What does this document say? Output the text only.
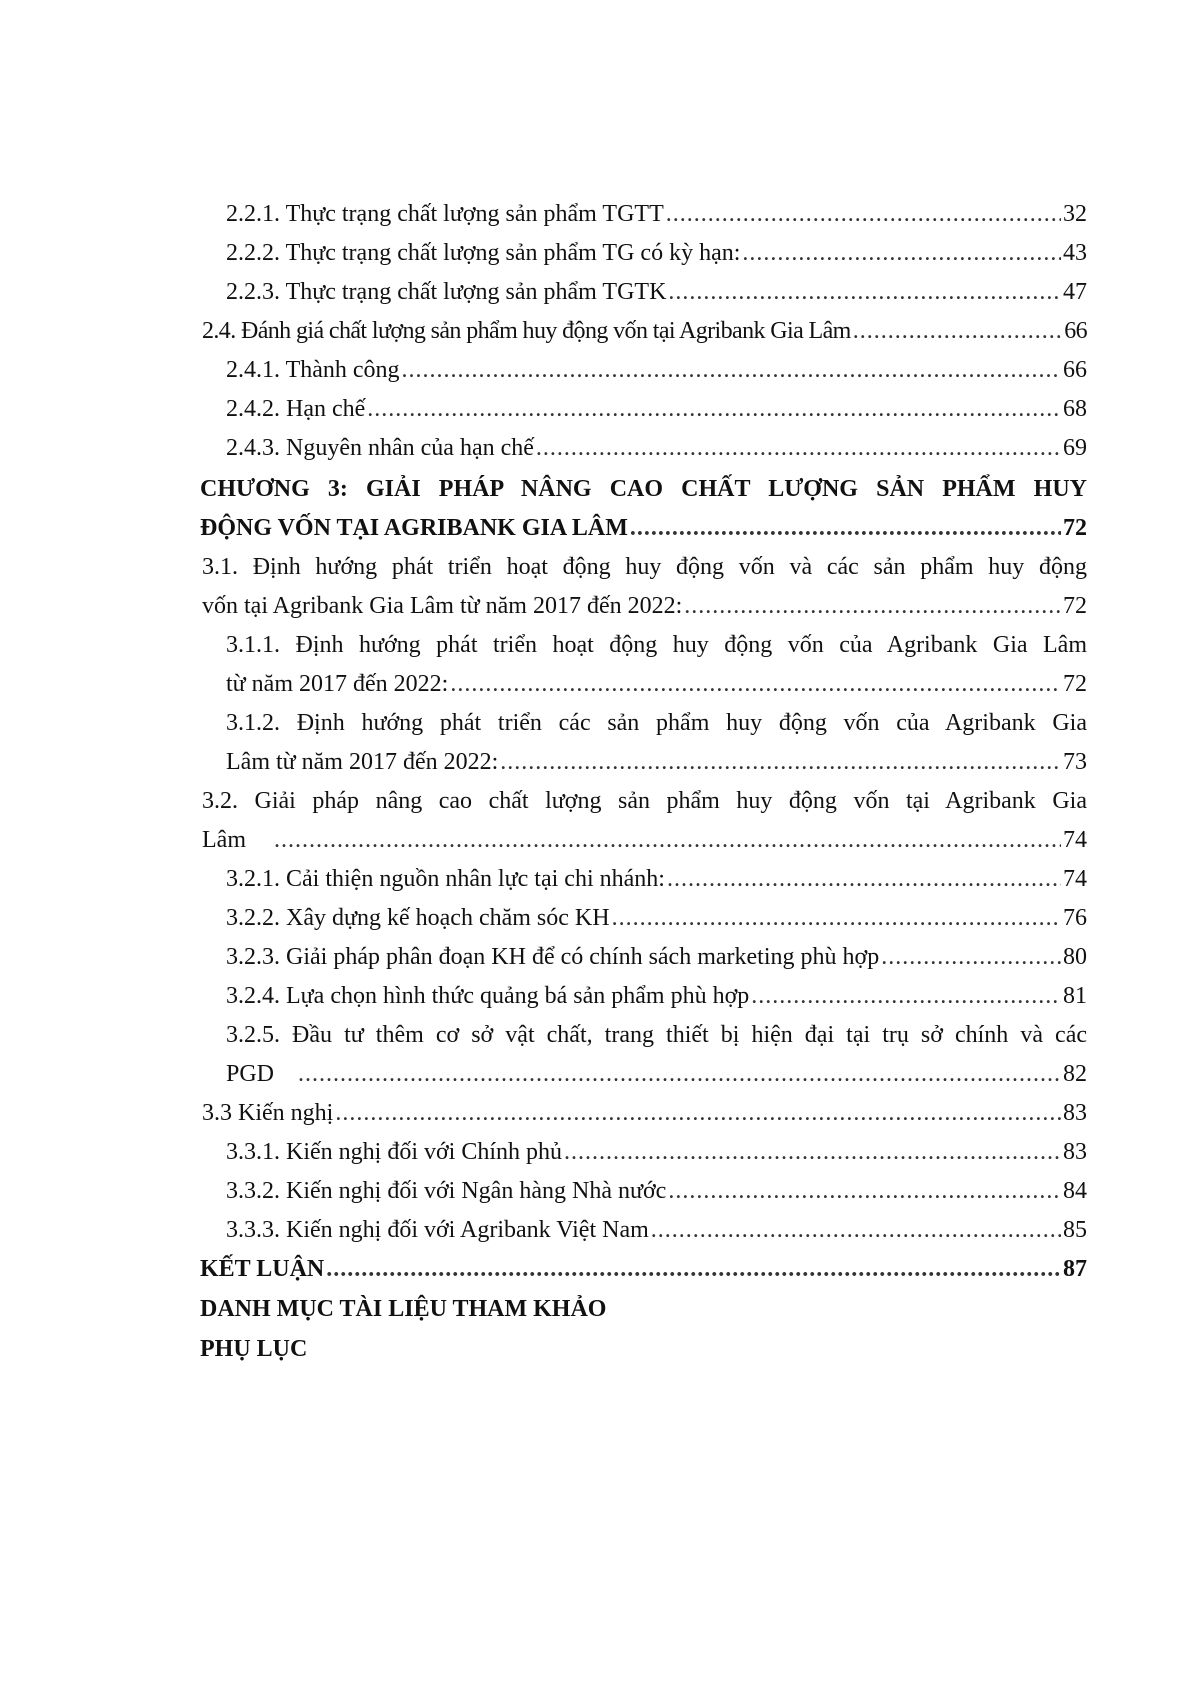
2.2.1. Thực trạng chất lượng sản phẩm TGTT .....	32
2.2.2. Thực trạng chất lượng sản phẩm TG có kỳ hạn: .....	43
2.2.3. Thực trạng chất lượng sản phẩm TGTK .....	47
2.4. Đánh giá chất lượng sản phẩm huy động vốn tại Agribank Gia Lâm .....	66
2.4.1. Thành công .....	66
2.4.2. Hạn chế .....	68
2.4.3. Nguyên nhân của hạn chế .....	69
CHƯƠNG 3: GIẢI PHÁP NÂNG CAO CHẤT LƯỢNG SẢN PHẨM HUY
ĐỘNG VỐN TẠI AGRIBANK GIA LÂM .....	72
3.1. Định hướng phát triển hoạt động huy động vốn và các sản phẩm huy động
vốn tại Agribank Gia Lâm từ năm 2017 đến 2022: .....	72
3.1.1. Định hướng phát triển hoạt động huy động vốn của Agribank Gia Lâm
từ năm 2017 đến 2022: .....	72
3.1.2. Định hướng phát triển các sản phẩm huy động vốn của Agribank Gia
Lâm từ năm 2017 đến 2022: .....	73
3.2. Giải pháp nâng cao chất lượng sản phẩm huy động vốn tại Agribank Gia
Lâm .....	74
3.2.1. Cải thiện nguồn nhân lực tại chi nhánh: .....	74
3.2.2. Xây dựng kế hoạch chăm sóc KH .....	76
3.2.3. Giải pháp phân đoạn KH để có chính sách marketing phù hợp .....	80
3.2.4. Lựa chọn hình thức quảng bá sản phẩm phù hợp .....	81
3.2.5. Đầu tư thêm cơ sở vật chất, trang thiết bị hiện đại tại trụ sở chính và các
PGD .....	82
3.3 Kiến nghị .....	83
3.3.1. Kiến nghị đối với Chính phủ .....	83
3.3.2. Kiến nghị đối với Ngân hàng Nhà nước .....	84
3.3.3. Kiến nghị đối với Agribank Việt Nam .....	85
KẾT LUẬN .....	87
DANH MỤC TÀI LIỆU THAM KHẢO
PHỤ LỤC
